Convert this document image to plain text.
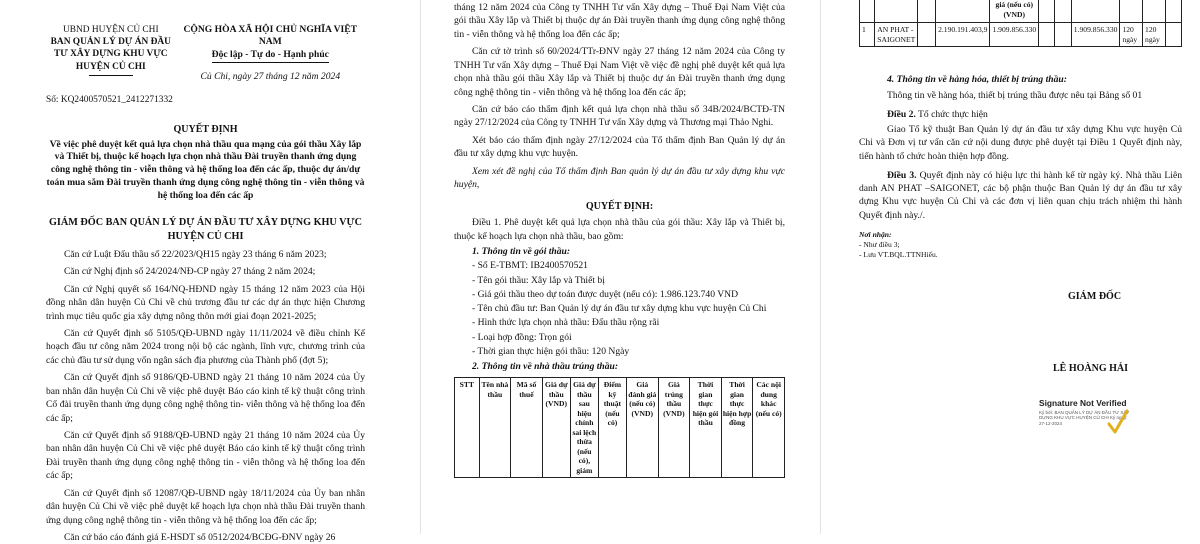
UBND HUYỆN CỦ CHI
BAN QUẢN LÝ DỰ ÁN ĐẦU TƯ XÂY DỰNG KHU VỰC HUYỆN CỦ CHI
CỘNG HÒA XÃ HỘI CHỦ NGHĨA VIỆT NAM
Độc lập - Tự do - Hạnh phúc
Củ Chi, ngày 27 tháng 12 năm 2024
Số: KQ2400570521_2412271332
QUYẾT ĐỊNH
Về việc phê duyệt kết quả lựa chọn nhà thầu qua mạng của gói thầu Xây lắp và Thiết bị, thuộc kế hoạch lựa chọn nhà thầu Đài truyền thanh ứng dụng công nghệ thông tin - viễn thông và hệ thống loa đến các ấp, thuộc dự án/dự toán mua sắm Đài truyền thanh ứng dụng công nghệ thông tin - viễn thông và hệ thống loa đến các ấp
GIÁM ĐỐC BAN QUẢN LÝ DỰ ÁN ĐẦU TƯ XÂY DỰNG KHU VỰC HUYỆN CỦ CHI

Căn cứ Luật Đấu thầu số 22/2023/QH15 ngày 23 tháng 6 năm 2023;

Căn cứ Nghị định số 24/2024/NĐ-CP ngày 27 tháng 2 năm 2024;

Căn cứ Nghị quyết số 164/NQ-HĐND ngày 15 tháng 12 năm 2023 của Hội đồng nhân dân huyện Củ Chi về chủ trương đầu tư các dự án thực hiện Chương trình mục tiêu quốc gia xây dựng nông thôn mới giai đoạn 2021-2025;

Căn cứ Quyết định số 5105/QĐ-UBND ngày 11/11/2024 về điều chỉnh Kế hoạch đầu tư công năm 2024 trong nội bộ các ngành, lĩnh vực, chương trình của các chủ đầu tư sử dụng vốn ngân sách địa phương của Thành phố (đợt 5);

Căn cứ Quyết định số 9186/QĐ-UBND ngày 21 tháng 10 năm 2024 của Ủy ban nhân dân huyện Củ Chi về việc phê duyệt Báo cáo kinh tế kỹ thuật công trình Cổ đài truyền thanh ứng dụng công nghệ thông tin- viễn thông và hệ thống loa đến các ấp;

Căn cứ Quyết định số 9188/QĐ-UBND ngày 21 tháng 10 năm 2024 của Ủy ban nhân dân huyện Củ Chi về việc phê duyệt Báo cáo kinh tế kỹ thuật công trình Đài truyền thanh ứng dụng công nghệ thông tin - viễn thông và hệ thống loa đến các ấp;

Căn cứ Quyết định số 12087/QĐ-UBND ngày 18/11/2024 của Ủy ban nhân dân huyện Củ Chi về việc phê duyệt kế hoạch lựa chọn nhà thầu Đài truyền thanh ứng dụng công nghệ thông tin - viễn thông và hệ thống loa đến các ấp;

Căn cứ báo cáo đánh giá E-HSDT số 0512/2024/BCĐG-ĐNV ngày 26

tháng 12 năm 2024 của Công ty TNHH Tư vấn Xây dựng – Thuế Đại Nam Việt của gói thầu Xây lắp và Thiết bị thuộc dự án Đài truyền thanh ứng dụng công nghệ thông tin - viễn thông và hệ thống loa đến các ấp;

Căn cứ tờ trình số 60/2024/TTr-ĐNV ngày 27 tháng 12 năm 2024 của Công ty TNHH Tư vấn Xây dựng – Thuế Đại Nam Việt về việc đề nghị phê duyệt kết quả lựa chọn nhà thầu gói thầu Xây lắp và Thiết bị thuộc dự án Đài truyền thanh ứng dụng công nghệ thông tin - viễn thông và hệ thống loa đến các ấp;

Căn cứ báo cáo thẩm định kết quả lựa chọn nhà thầu số 34B/2024/BCTĐ-TN ngày 27/12/2024 của Công ty TNHH Tư vấn Xây dựng và Thương mại Thảo Nghi.

Xét báo cáo thẩm định ngày 27/12/2024 của Tổ thẩm định Ban Quản lý dự án đầu tư xây dựng khu vực huyện.

Xem xét đề nghị của Tổ thẩm định Ban quản lý dự án đầu tư xây dựng khu vực huyện,

QUYẾT ĐỊNH:

Điều 1. Phê duyệt kết quả lựa chọn nhà thầu của gói thầu: Xây lắp và Thiết bị, thuộc kế hoạch lựa chọn nhà thầu, bao gồm:

1. Thông tin về gói thầu:
- Số E-TBMT: IB2400570521
- Tên gói thầu: Xây lắp và Thiết bị
- Giá gói thầu theo dự toán được duyệt (nếu có): 1.986.123.740 VND
- Tên chủ đầu tư: Ban Quản lý dự án đầu tư xây dựng khu vực huyện Củ Chi
- Hình thức lựa chọn nhà thầu: Đấu thầu rộng rãi
- Loại hợp đồng: Trọn gói
- Thời gian thực hiện gói thầu: 120 Ngày
2. Thông tin về nhà thầu trúng thầu:
STT	Tên nhà thầu	Mã số thuế	Giá dự thầu (VND)	Giá dự thầu sau hiệu chỉnh sai lệch thừa (nếu có), giảm	Điểm kỹ thuật (nếu có)	Giá đánh giá (nếu có) (VND)	Giá trúng thầu (VND)	Thời gian thực hiện gói thầu	Thời gian thực hiện hợp đồng	Các nội dung khác (nếu có)
				giá (nếu có) (VND)						
1	AN PHAT - SAIGONET		2.190.191.403,9	1.909.856.330			1.909.856.330	120 ngày	120 ngày	
4. Thông tin về hàng hóa, thiết bị trúng thầu:
Thông tin về hàng hóa, thiết bị trúng thầu được nêu tại Bảng số 01
Điều 2. Tổ chức thực hiện
Giao Tổ kỹ thuật Ban Quản lý dự án đầu tư xây dựng Khu vực huyện Củ Chi và Đơn vị tư vấn căn cứ nội dung được phê duyệt tại Điều 1 Quyết định này, tiến hành tổ chức hoàn thiện hợp đồng.
Điều 3. Quyết định này có hiệu lực thi hành kể từ ngày ký. Nhà thầu Liên danh AN PHAT –SAIGONET, các bộ phận thuộc Ban Quản lý dự án đầu tư xây dựng Khu vực huyện Củ Chi và các đơn vị liên quan chịu trách nhiệm thi hành Quyết định này./.
Nơi nhận:
- Như điều 3;
- Lưu VT.BQL.TTNHiếu.
GIÁM ĐỐC
LÊ HOÀNG HẢI
Signature Not Verified
Ký bởi: BAN QUẢN LÝ DỰ ÁN ĐẦU TƯ XÂY DỰNG KHU VỰC HUYỆN CỦ CHI Ký ngày: 27-12-2024
